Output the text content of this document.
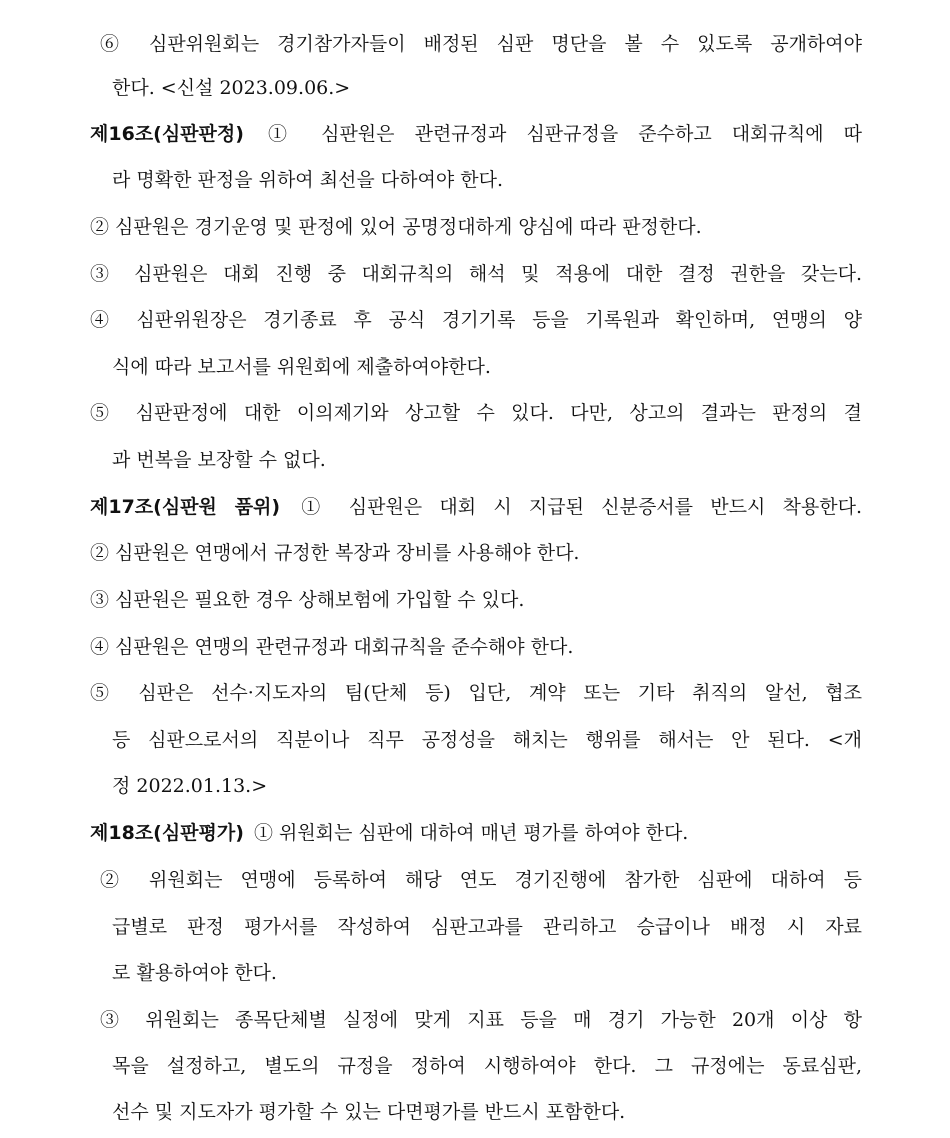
⑥ 심판위원회는 경기참가자들이 배정된 심판 명단을 볼 수 있도록 공개하여야
한다. <신설 2023.09.06.>
제16조(심판판정) ① 심판원은 관련규정과 심판규정을 준수하고 대회규칙에 따
라 명확한 판정을 위하여 최선을 다하여야 한다.
② 심판원은 경기운영 및 판정에 있어 공명정대하게 양심에 따라 판정한다.
③ 심판원은 대회 진행 중 대회규칙의 해석 및 적용에 대한 결정 권한을 갖는다.
④ 심판위원장은 경기종료 후 공식 경기기록 등을 기록원과 확인하며, 연맹의 양
식에 따라 보고서를 위원회에 제출하여야한다.
⑤ 심판판정에 대한 이의제기와 상고할 수 있다. 다만, 상고의 결과는 판정의 결
과 번복을 보장할 수 없다.
제17조(심판원 품위) ① 심판원은 대회 시 지급된 신분증서를 반드시 착용한다.
② 심판원은 연맹에서 규정한 복장과 장비를 사용해야 한다.
③ 심판원은 필요한 경우 상해보험에 가입할 수 있다.
④ 심판원은 연맹의 관련규정과 대회규칙을 준수해야 한다.
⑤ 심판은 선수·지도자의 팀(단체 등) 입단, 계약 또는 기타 취직의 알선, 협조
등 심판으로서의 직분이나 직무 공정성을 해치는 행위를 해서는 안 된다. <개
정 2022.01.13.>
제18조(심판평가) ① 위원회는 심판에 대하여 매년 평가를 하여야 한다.
② 위원회는 연맹에 등록하여 해당 연도 경기진행에 참가한 심판에 대하여 등
급별로 판정 평가서를 작성하여 심판고과를 관리하고 승급이나 배정 시 자료
로 활용하여야 한다.
③ 위원회는 종목단체별 실정에 맞게 지표 등을 매 경기 가능한 20개 이상 항
목을 설정하고, 별도의 규정을 정하여 시행하여야 한다. 그 규정에는 동료심판,
선수 및 지도자가 평가할 수 있는 다면평가를 반드시 포함한다.
